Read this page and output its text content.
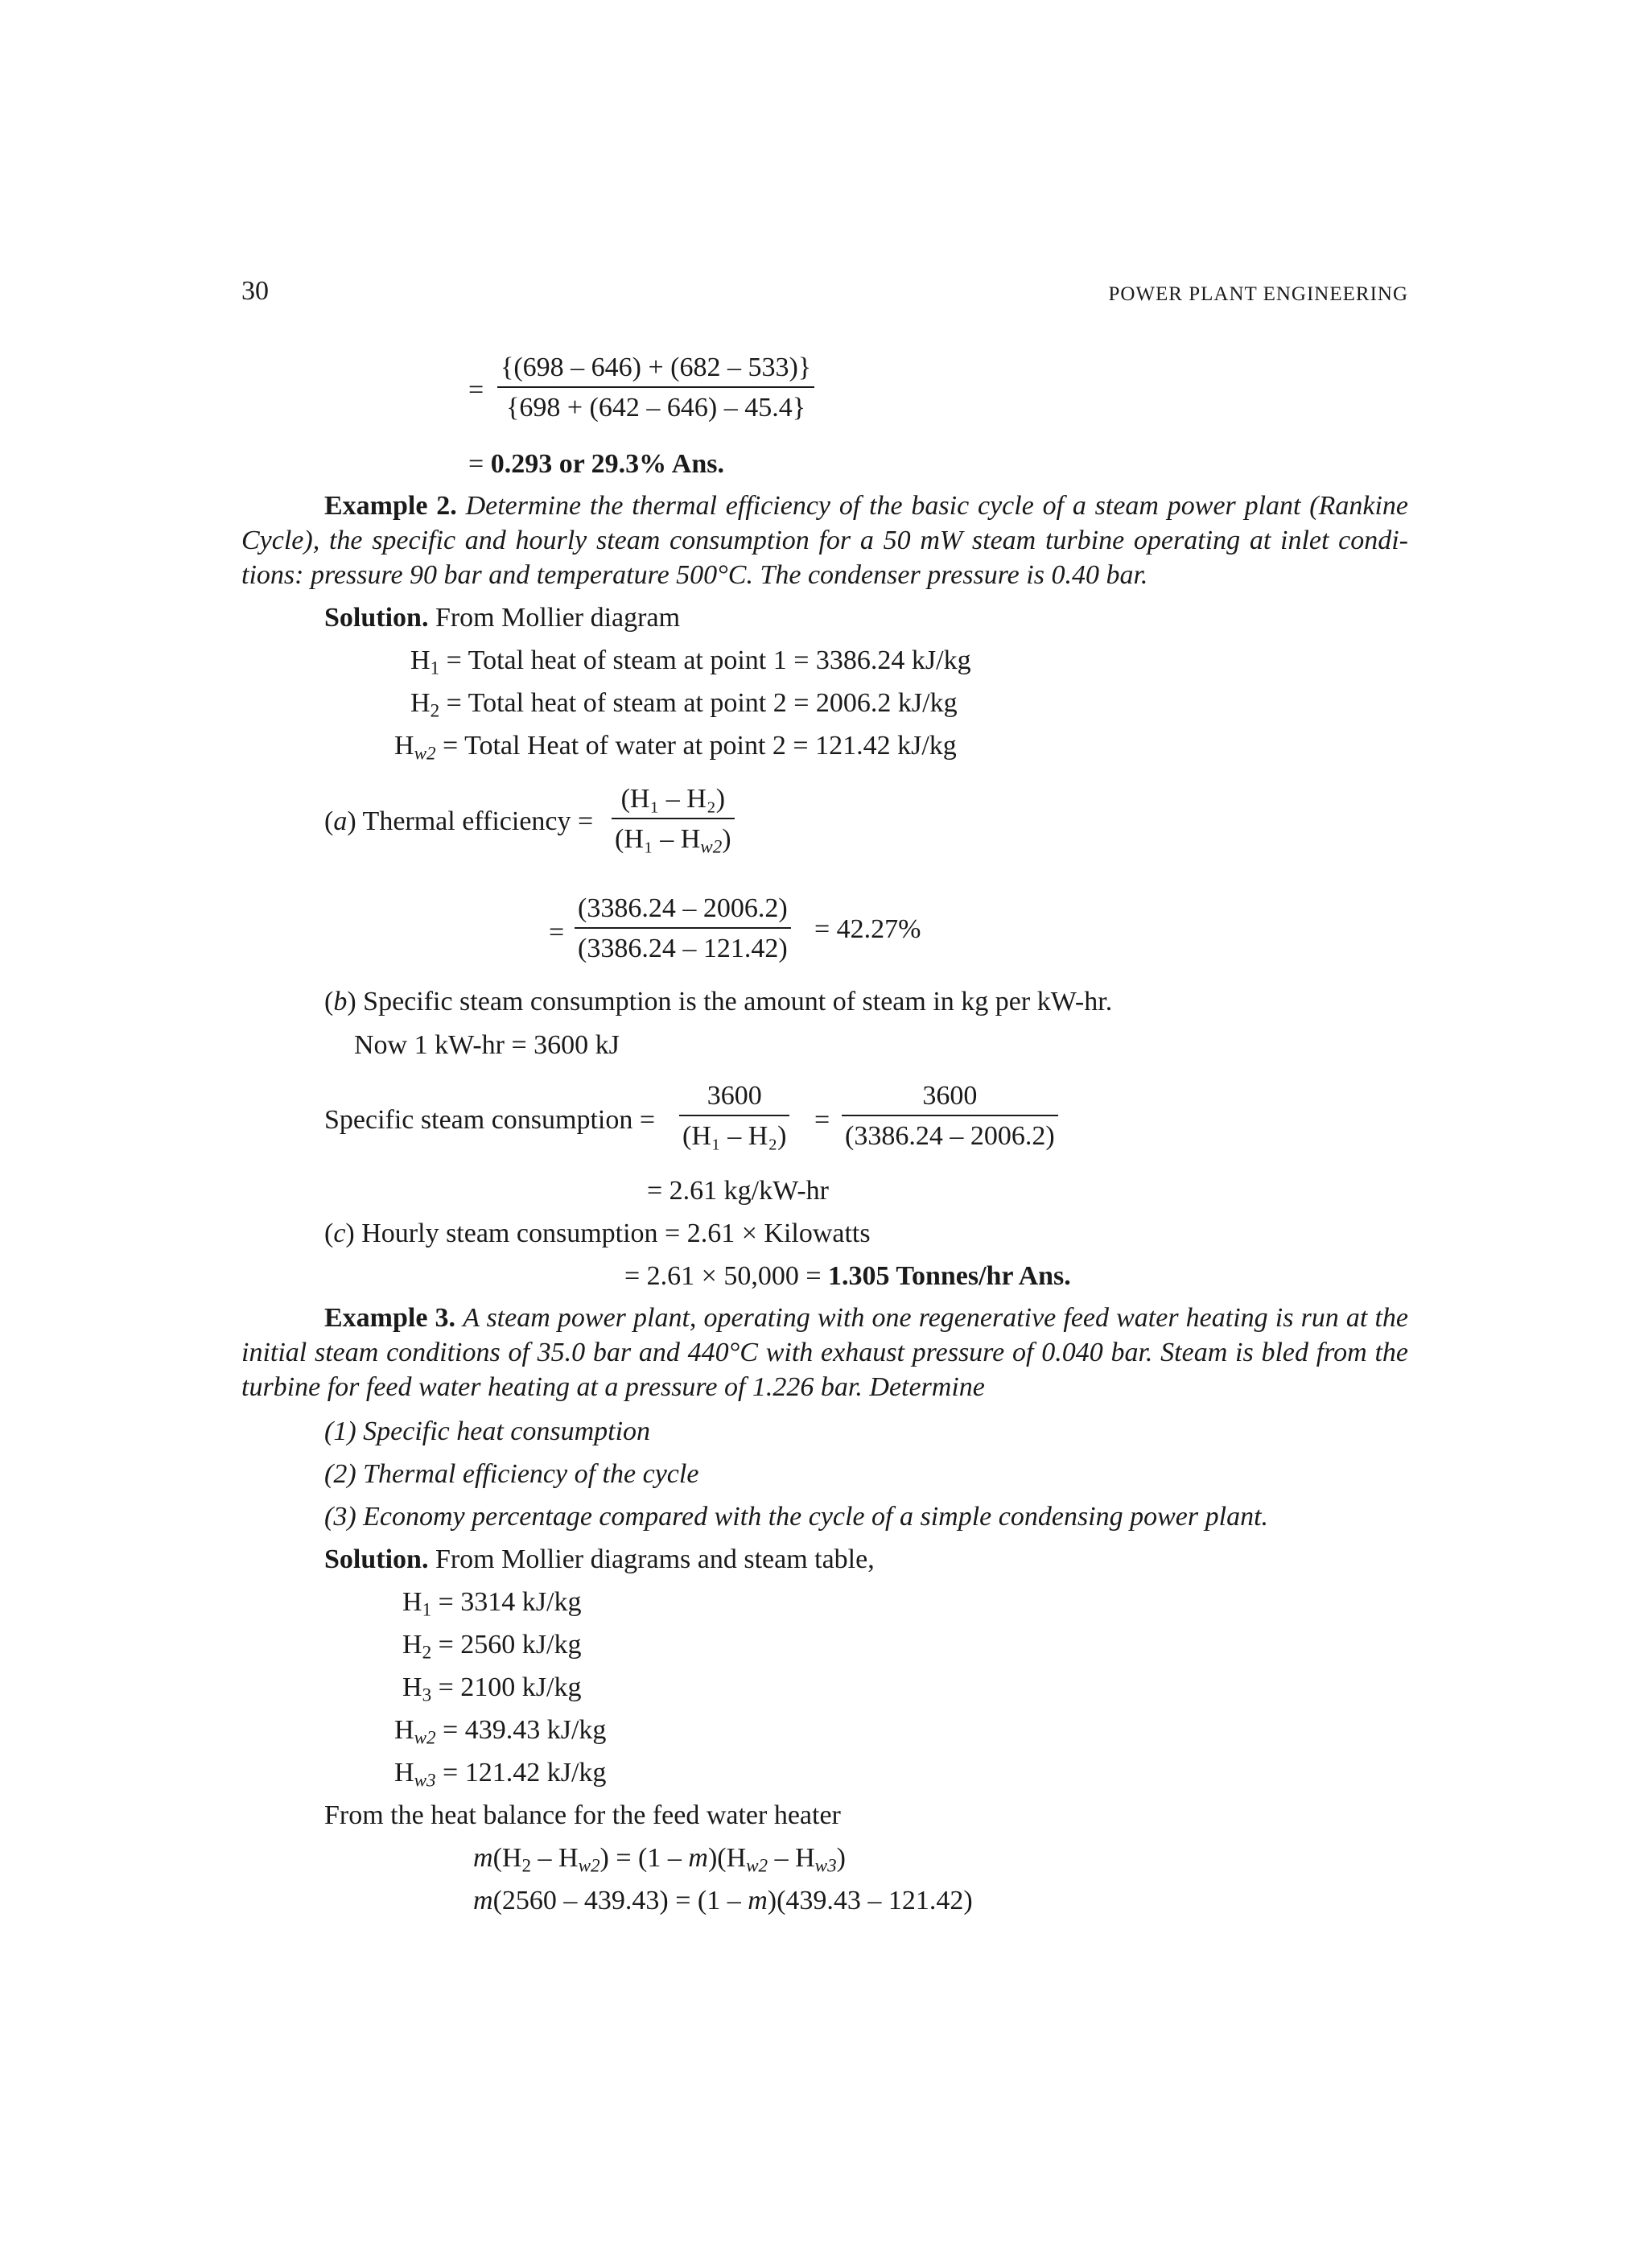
30	POWER PLANT ENGINEERING
=
{(698 – 646) + (682 – 533)}
{698 + (642 – 646) – 45.4}
= 0.293 or 29.3% Ans.
Example 2. Determine the thermal efficiency of the basic cycle of a steam power plant (Rankine Cycle), the specific and hourly steam consumption for a 50 mW steam turbine operating at inlet condi-tions: pressure 90 bar and temperature 500°C. The condenser pressure is 0.40 bar.
Solution. From Mollier diagram
$H_1$ = Total heat of steam at point 1 = 3386.24 kJ/kg
$H_2$ = Total heat of steam at point 2 = 2006.2 kJ/kg
$H_{w2}$ = Total Heat of water at point 2 = 121.42 kJ/kg
(a) Thermal efficiency =
(H₁ – H₂)
$(H_1 - H_{w2})$
=
(3386.24 – 2006.2)
(3386.24 – 121.42)
= 42.27%
(b) Specific steam consumption is the amount of steam in kg per kW-hr.
Now 1 kW-hr = 3600 kJ
Specific steam consumption =
3600
(H₁ – H₂)
=
3600
(3386.24 – 2006.2)
= 2.61 kg/kW-hr
(c) Hourly steam consumption = 2.61 × Kilowatts
= 2.61 × 50,000 = 1.305 Tonnes/hr Ans.
Example 3. A steam power plant, operating with one regenerative feed water heating is run at the initial steam conditions of 35.0 bar and 440°C with exhaust pressure of 0.040 bar. Steam is bled from the turbine for feed water heating at a pressure of 1.226 bar. Determine
(1) Specific heat consumption
(2) Thermal efficiency of the cycle
(3) Economy percentage compared with the cycle of a simple condensing power plant.
Solution. From Mollier diagrams and steam table,
$H_1 = 3314$ kJ/kg
$H_2 = 2560$ kJ/kg
$H_3 = 2100$ kJ/kg
$H_{w2} = 439.43$ kJ/kg
$H_{w3} = 121.42$ kJ/kg
From the heat balance for the feed water heater
$m(H_2 - H_{w2}) = (1 - m)(H_{w2} - H_{w3})$
m(2560 – 439.43) = (1 – m)(439.43 – 121.42)
